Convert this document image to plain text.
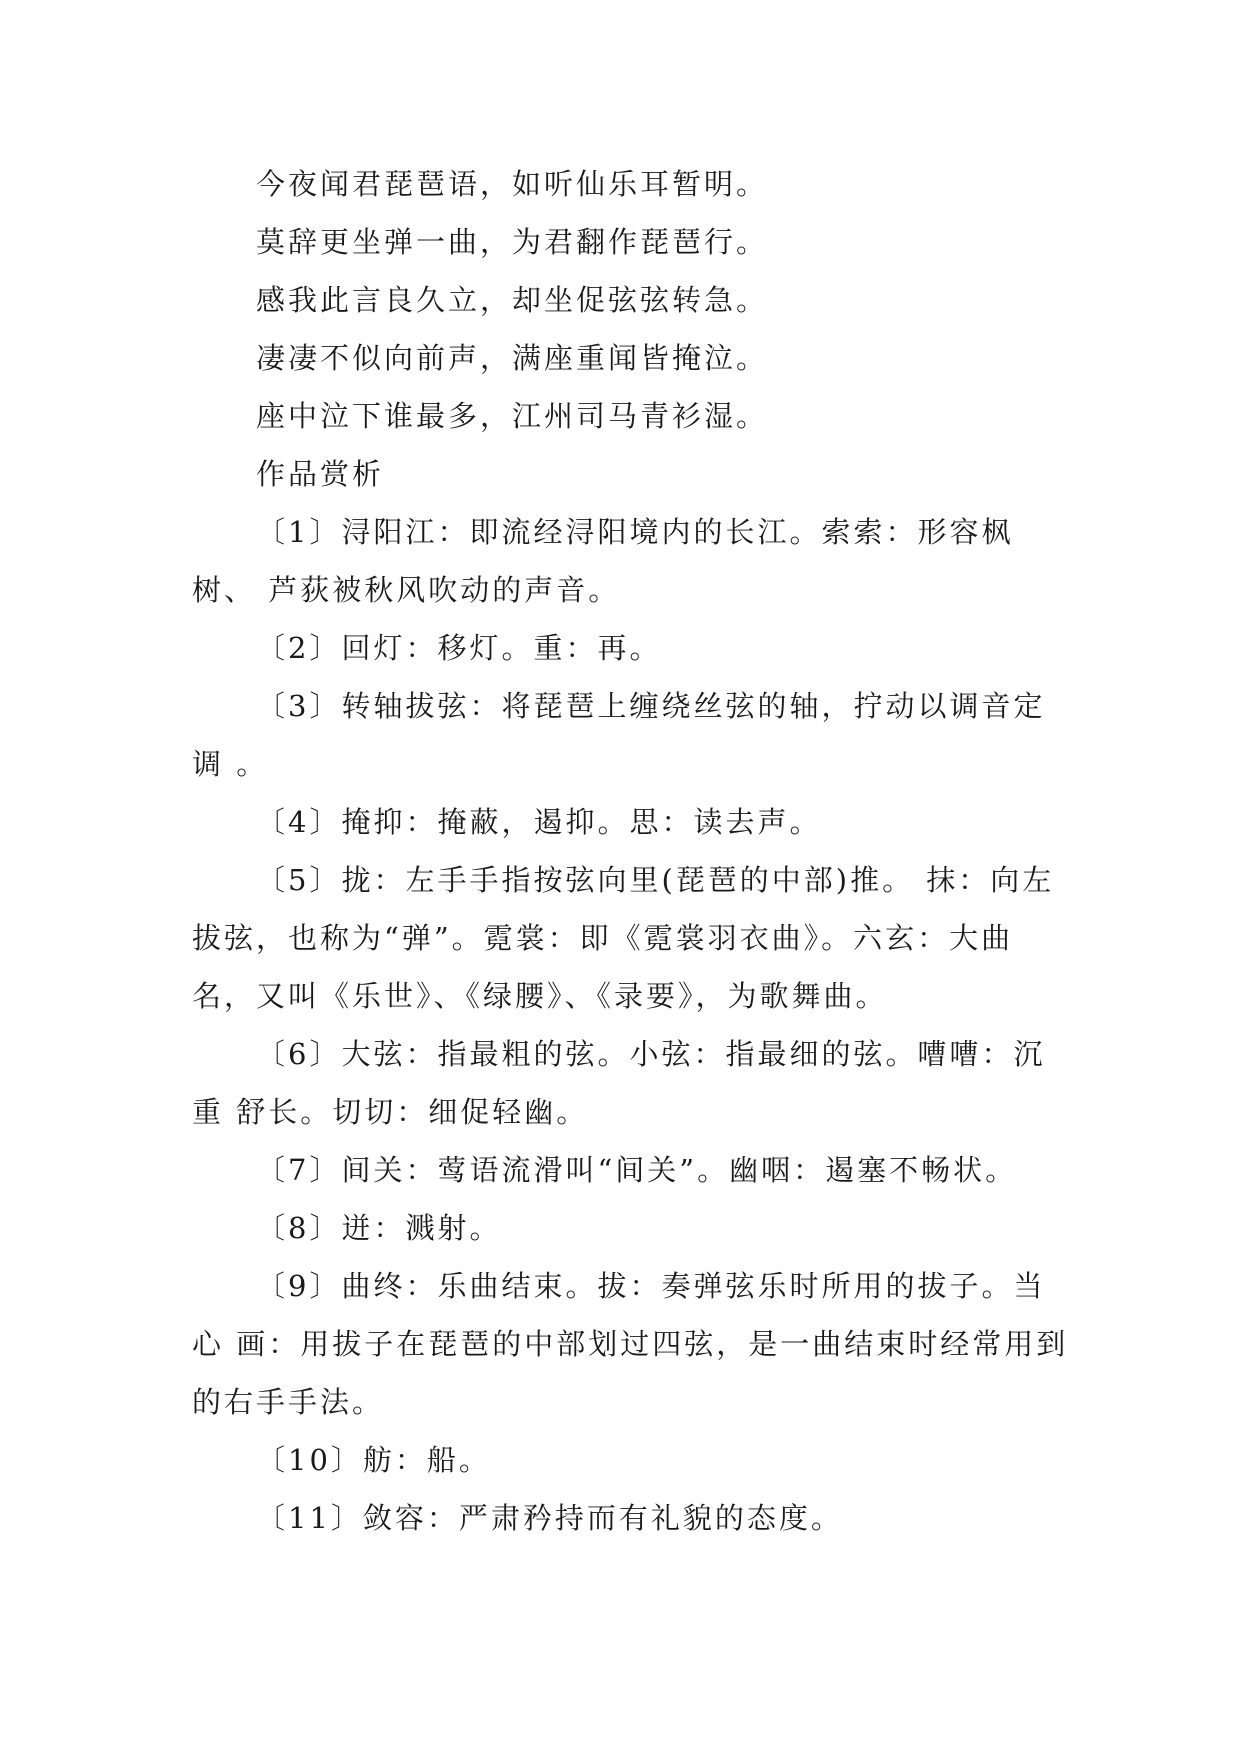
今夜闻君琵琶语，如听仙乐耳暂明。
莫辞更坐弹一曲，为君翻作琵琶行。
感我此言良久立，却坐促弦弦转急。
凄凄不似向前声，满座重闻皆掩泣。
座中泣下谁最多，江州司马青衫湿。
作品赏析

〔1〕浔阳江：即流经浔阳境内的长江。索索：形容枫树、 芦荻被秋风吹动的声音。

〔2〕回灯：移灯。重：再。

〔3〕转轴拔弦：将琵琶上缠绕丝弦的轴，拧动以调音定调 。

〔4〕掩抑：掩蔽，遏抑。思：读去声。

〔5〕拢：左手手指按弦向里(琵琶的中部)推。 抹：向左拔弦，也称为“弹”。霓裳：即《霓裳羽衣曲》。六玄：大曲名，又叫《乐世》、《绿腰》、《录要》，为歌舞曲。

〔6〕大弦：指最粗的弦。小弦：指最细的弦。嘈嘈：沉重 舒长。切切：细促轻幽。

〔7〕间关：莺语流滑叫“间关”。幽咽：遏塞不畅状。

〔8〕迸：溅射。

〔9〕曲终：乐曲结束。拔：奏弹弦乐时所用的拔子。当心 画：用拔子在琵琶的中部划过四弦，是一曲结束时经常用到的右手手法。

〔10〕舫：船。

〔11〕敛容：严肃矜持而有礼貌的态度。
